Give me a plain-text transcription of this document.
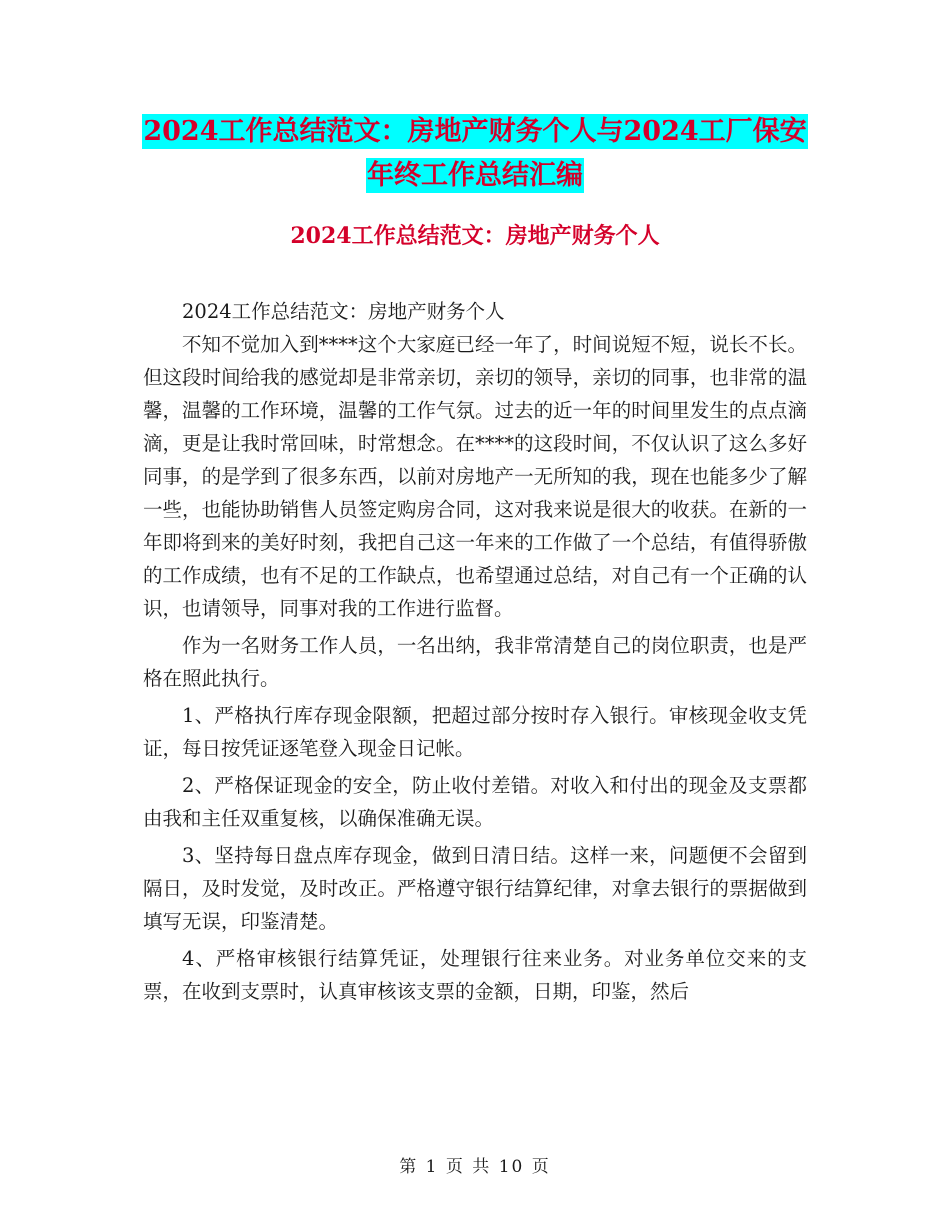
2024工作总结范文：房地产财务个人与2024工厂保安
年终工作总结汇编
2024工作总结范文：房地产财务个人

2024工作总结范文：房地产财务个人

不知不觉加入到****这个大家庭已经一年了，时间说短不短，说长不长。但这段时间给我的感觉却是非常亲切，亲切的领导，亲切的同事，也非常的温馨，温馨的工作环境，温馨的工作气氛。过去的近一年的时间里发生的点点滴滴，更是让我时常回味，时常想念。在****的这段时间，不仅认识了这么多好同事，的是学到了很多东西，以前对房地产一无所知的我，现在也能多少了解一些，也能协助销售人员签定购房合同，这对我来说是很大的收获。在新的一年即将到来的美好时刻，我把自己这一年来的工作做了一个总结，有值得骄傲的工作成绩，也有不足的工作缺点，也希望通过总结，对自己有一个正确的认识，也请领导，同事对我的工作进行监督。

作为一名财务工作人员，一名出纳，我非常清楚自己的岗位职责，也是严格在照此执行。

1、严格执行库存现金限额，把超过部分按时存入银行。审核现金收支凭证，每日按凭证逐笔登入现金日记帐。

2、严格保证现金的安全，防止收付差错。对收入和付出的现金及支票都由我和主任双重复核，以确保准确无误。

3、坚持每日盘点库存现金，做到日清日结。这样一来，问题便不会留到隔日，及时发觉，及时改正。严格遵守银行结算纪律，对拿去银行的票据做到填写无误，印鉴清楚。

4、严格审核银行结算凭证，处理银行往来业务。对业务单位交来的支票，在收到支票时，认真审核该支票的金额，日期，印鉴，然后

第 1 页 共 10 页
